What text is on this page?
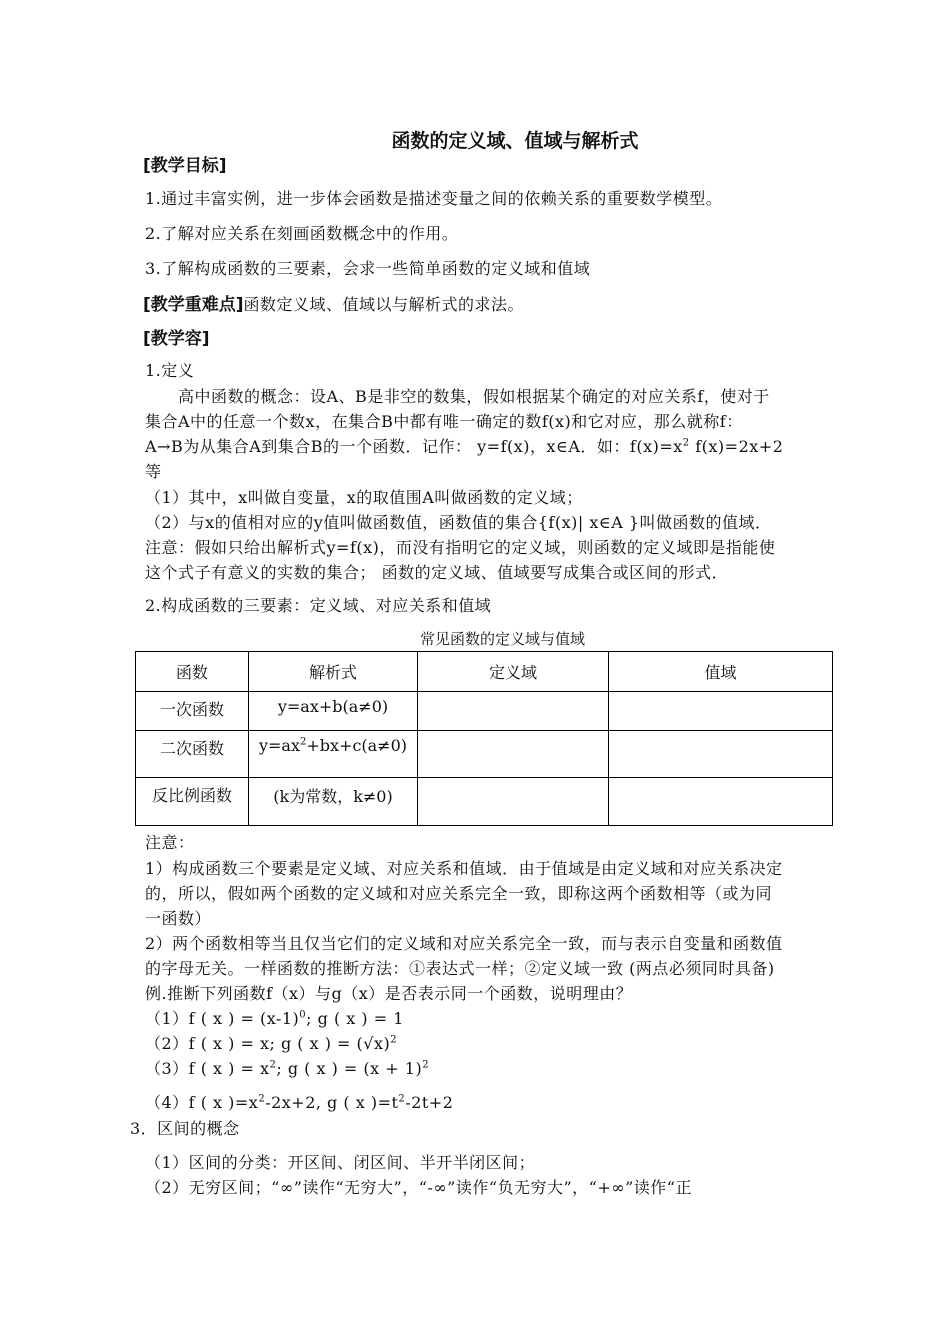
函数的定义域、值域与解析式
[教学目标]
1.通过丰富实例，进一步体会函数是描述变量之间的依赖关系的重要数学模型。
2.了解对应关系在刻画函数概念中的作用。
3.了解构成函数的三要素，会求一些简单函数的定义域和值域
[教学重难点]函数定义域、值域以与解析式的求法。
[教学容]
1.定义
高中函数的概念：设A、B是非空的数集，假如根据某个确定的对应关系f，使对于
集合A中的任意一个数x，在集合B中都有唯一确定的数f(x)和它对应，那么就称f：
A→B为从集合A到集合B的一个函数．记作： y=f(x)，x∈A．如：$f(x)=x^2$ f(x)=2x+2
等
（1）其中，x叫做自变量，x的取值围A叫做函数的定义域；
（2）与x的值相对应的y值叫做函数值，函数值的集合{f(x)| x∈A }叫做函数的值域．
注意：假如只给出解析式y=f(x)，而没有指明它的定义域，则函数的定义域即是指能使
这个式子有意义的实数的集合； 函数的定义域、值域要写成集合或区间的形式．
2.构成函数的三要素：定义域、对应关系和值域
常见函数的定义域与值域
函数	解析式	定义域	值域
一次函数	y=ax+b(a≠0)		
二次函数	$y=ax^2+bx+c(a\ne 0)$		
反比例函数	(k为常数，k≠0)		
注意：
1）构成函数三个要素是定义域、对应关系和值域．由于值域是由定义域和对应关系决定
的，所以，假如两个函数的定义域和对应关系完全一致，即称这两个函数相等（或为同
一函数）
2）两个函数相等当且仅当它们的定义域和对应关系完全一致，而与表示自变量和函数值
的字母无关。一样函数的推断方法：①表达式一样；②定义域一致 (两点必须同时具备)
例.推断下列函数f（x）与g（x）是否表示同一个函数，说明理由？
（1）f ( x ) = $(x-1)^0$; g ( x ) = 1
（2）f ( x ) = x; g ( x ) = $(√x)^2$
（3）f ( x ) = $x^2$; g ( x ) = $(x + 1)^2$
（4）f ( x )$=x^2-2x+2$, g ( x )$=t^2-2t+2$
3．区间的概念
（1）区间的分类：开区间、闭区间、半开半闭区间；
（2）无穷区间；“∞”读作“无穷大”，“-∞”读作“负无穷大”，“+∞”读作“正
